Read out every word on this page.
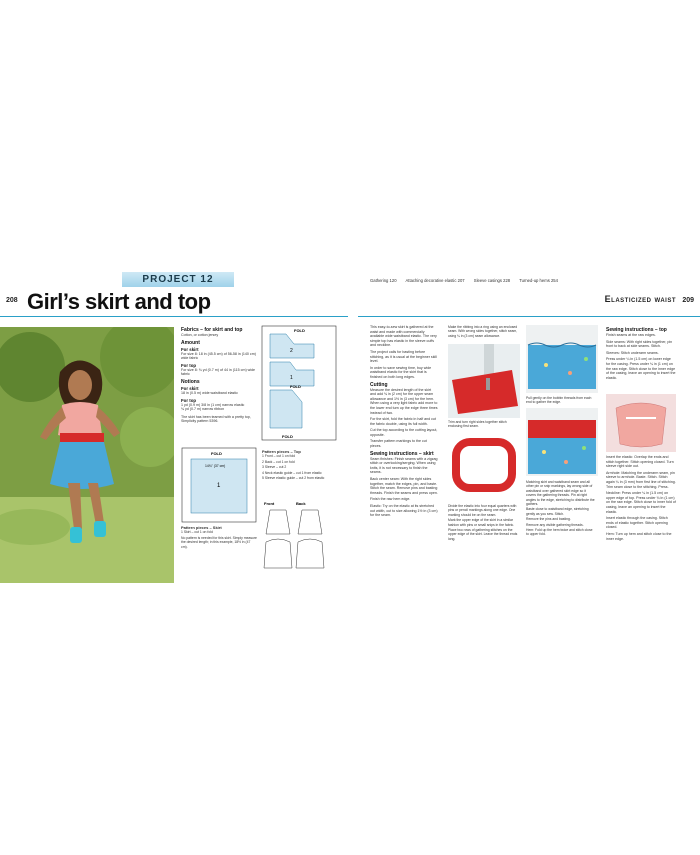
PROJECT 12
208	209
Girl’s skirt and top
Gathering 120 Attaching decorative elastic 207 Sleeve casings 228 Turned-up hems 254
Elasticized waist
Fabrics – for skirt and top

Cotton, or cotton jersey

Amount
For skirt

For size 8: 18 in (45.5 cm) of 56-58 in (140 cm) wide fabric

For top

For size 8: ¾ yd (0.7 m) of 44 in (115 cm) wide fabric

Notions
For skirt

18 in (0.5 m) wide waistband elastic

For top

1 yd (0.9 m) 3/8 in (1 cm) narrow elastic
¾ yd (0.7 m) narrow ribbon

The skirt has been teamed with a pretty top, Simplicity pattern 5396.

FOLD
2
1
FOLD
FOLD
Pattern pieces – Top

1 Front – cut 1 on fold

2 Back – cut 1 on fold

3 Sleeve – cut 2

4 Neck elastic guide – cut 1 from elastic

5 Sleeve elastic guide – cut 2 from elastic

FOLD
1
14¾" (37 cm)
Pattern pieces – Skirt

1 Skirt – cut 1 on fold

No pattern is needed for this skirt. Simply measure the desired length; in this example, 18½ in (47 cm).

Front	Back

This easy-to-sew skirt is gathered at the waist and made with commercially available wide waistband elastic. The very simple top has elastic in the sleeve cuffs and neckline.

The project calls for basting before stitching, as it is usual at the beginner skill level.

In order to save sewing time, buy wide waistband elastic for the skirt that is finished on both long edges.

Cutting

Measure the desired length of the skirt and add ¾ in (2 cm) for the upper seam allowance and 1½ in (3 cm) for the hem. When using a very light fabric add more to the lower end turn up the edge three times instead of two.

For the skirt, fold the fabric in half and cut the fabric double, using its full width.

Cut the top according to the cutting layout, opposite.

Transfer pattern markings to the cut pieces.

Sewing instructions – skirt

Seam finishes: Finish seams with a zigzag stitch or overlocking/serging. When using knits, it is not necessary to finish the seams.

Back center seam: With the right sides together, match the edges, pin, and baste. Stitch the seam. Remove pins and basting threads. Finish the seams and press open.

Finish the raw hem edge.

Elastic: Try on the elastic at its stretched out width, cut to size allowing 1½ in (3 cm) for the seam.

Make the ribbing into a ring using an enclosed seam. With wrong sides together, stitch seam, using ¼ in (3 cm) seam allowance.
Trim and turn right sides together stitch enclosing first seam.

Divide the elastic into four equal quarters with pins or pencil markings along one edge. One marking should be on the seam.

Mark the upper edge of the skirt in a similar fashion with pins or small snips in the fabric.

Place two rows of gathering stitches on the upper edge of the skirt. Leave the thread ends long.

Pull gently on the bobbin threads from each end to gather the edge.

Matching skirt and waistband seam and all other pin or snip markings, lay wrong side of waistband over gathered skirt edge so it covers the gathering threads. Pin at right angles to the edge, stretching to distribute the gathers.

Baste close to waistband edge, stretching gently as you sew. Stitch.

Remove the pins and basting.

Remove any visible gathering threads.

Hem: Fold up the hem twice and stitch close to upper fold.

Sewing instructions – top

Finish seams at the raw edges.

Side seams: With right sides together, pin front to back at side seams. Stitch.

Sleeves: Stitch underarm seams.

Press under ¼ in (1.5 cm) on lower edge for the casing. Press under ¼ in (1 cm) on the raw edge. Stitch close to the inner edge of the casing, leave an opening to insert the elastic.

Insert the elastic: Overlap the ends and stitch together. Stitch opening closed. Turn sleeve right side out.

Armhole: Matching the underarm seam, pin sleeve to armhole. Baste. Stitch. Stitch again ¼ in (3 mm) from first line of stitching. Trim seam close to the stitching. Press.

Neckline: Press under ¼ in (1.5 cm) on upper edge of top. Press under ¾ in (1 cm) on the raw edge. Stitch close to inner fold of casing, leave an opening to insert the elastic.

Insert elastic through the casing. Stitch ends of elastic together. Stitch opening closed.

Hem: Turn up hem and stitch close to the inner edge.
